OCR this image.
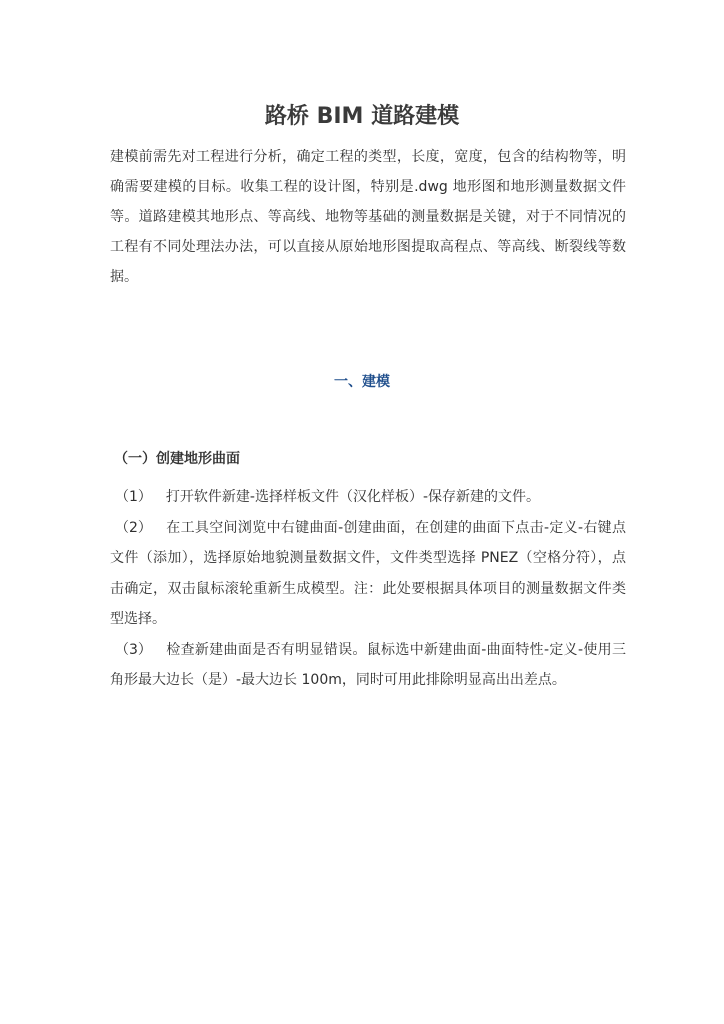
路桥 BIM 道路建模

建模前需先对工程进行分析，确定工程的类型，长度，宽度，包含的结构物等，明确需要建模的目标。收集工程的设计图，特别是.dwg 地形图和地形测量数据文件等。道路建模其地形点、等高线、地物等基础的测量数据是关键，对于不同情况的工程有不同处理法办法，可以直接从原始地形图提取高程点、等高线、断裂线等数据。

一、建模
（一）创建地形曲面
（1） 打开软件新建-选择样板文件（汉化样板）-保存新建的文件。
（2） 在工具空间浏览中右键曲面-创建曲面，在创建的曲面下点击-定义-右键点文件（添加），选择原始地貌测量数据文件，文件类型选择 PNEZ（空格分符），点击确定，双击鼠标滚轮重新生成模型。注：此处要根据具体项目的测量数据文件类型选择。
（3） 检查新建曲面是否有明显错误。鼠标选中新建曲面-曲面特性-定义-使用三角形最大边长（是）-最大边长 100m，同时可用此排除明显高出出差点。
